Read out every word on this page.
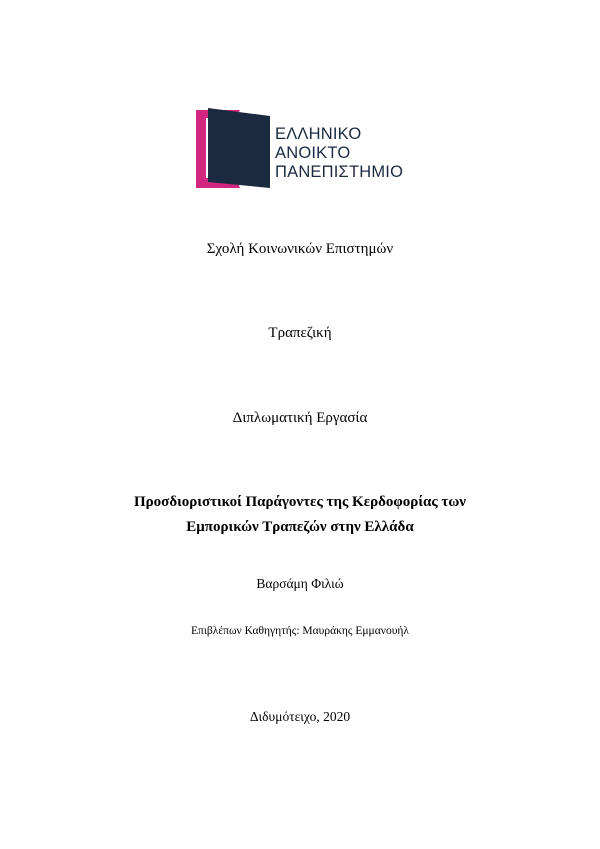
ΕΛΛΗΝΙΚΟ
ΑΝΟΙΚΤΟ
ΠΑΝΕΠΙΣΤΗΜΙΟ
Σχολή Κοινωνικών Επιστημών
Τραπεζική
Διπλωματική Εργασία
Προσδιοριστικοί Παράγοντες της Κερδοφορίας των
Εμπορικών Τραπεζών στην Ελλάδα
Βαρσάμη Φιλιώ
Επιβλέπων Καθηγητής: Μαυράκης Εμμανουήλ
Διδυμότειχο, 2020
